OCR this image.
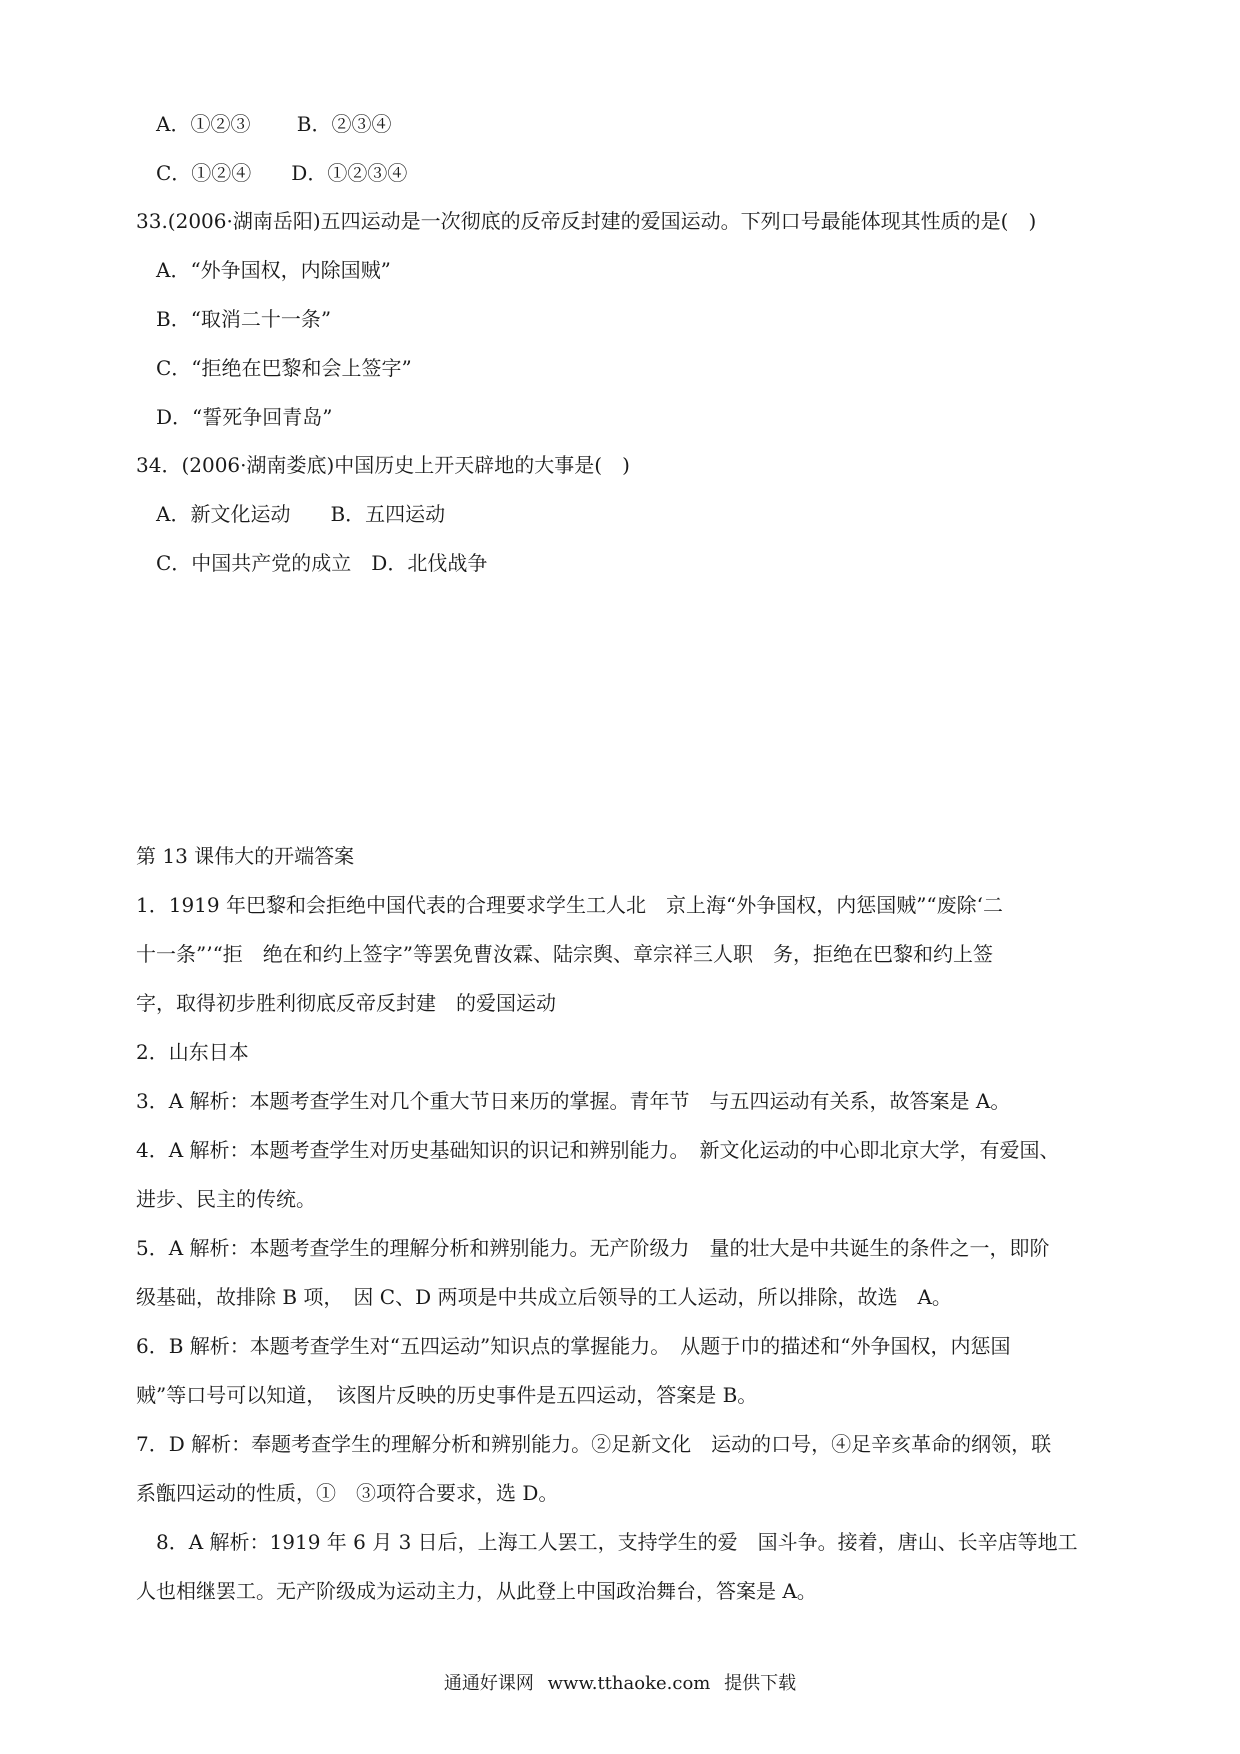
A．①②③　　 B．②③④
C．①②④　　D．①②③④
33.(2006·湖南岳阳)五四运动是一次彻底的反帝反封建的爱国运动。下列口号最能体现其性质的是(　)
A．“外争国权，内除国贼”
B．“取消二十一条”
C．“拒绝在巴黎和会上签字”
D．“誓死争回青岛”
34．(2006·湖南娄底)中国历史上开天辟地的大事是(　)
A．新文化运动　　B．五四运动
C．中国共产党的成立　D．北伐战争
第 13 课伟大的开端答案
1．1919 年巴黎和会拒绝中国代表的合理要求学生工人北　京上海“外争国权，内惩国贼”“废除‘二
十一条”’“拒　绝在和约上签字”等罢免曹汝霖、陆宗舆、章宗祥三人职　务，拒绝在巴黎和约上签
字，取得初步胜利彻底反帝反封建　的爱国运动
2．山东日本
3．A 解析：本题考查学生对几个重大节日来历的掌握。青年节　与五四运动有关系，故答案是 A。
4．A 解析：本题考查学生对历史基础知识的识记和辨别能力。　新文化运动的中心即北京大学，有爱国、
进步、民主的传统。
5．A 解析：本题考查学生的理解分析和辨别能力。无产阶级力　量的壮大是中共诞生的条件之一，即阶
级基础，故排除 B 项，　因 C、D 两项是中共成立后领导的工人运动，所以排除，故选　A。
6．B 解析：本题考查学生对“五四运动”知识点的掌握能力。　从题于巾的描述和“外争国权，内惩国
贼”等口号可以知道，　该图片反映的历史事件是五四运动，答案是 B。
7．D 解析：奉题考查学生的理解分析和辨别能力。②足新文化　运动的口号，④足辛亥革命的纲领，联
系甑四运动的性质，①　③项符合要求，选 D。
8．A 解析：1919 年 6 月 3 日后，上海工人罢工，支持学生的爱　国斗争。接着，唐山、长辛店等地工
人也相继罢工。无产阶级成为运动主力，从此登上中国政治舞台，答案是 A。
通通好课网 www.tthaoke.com 提供下载
